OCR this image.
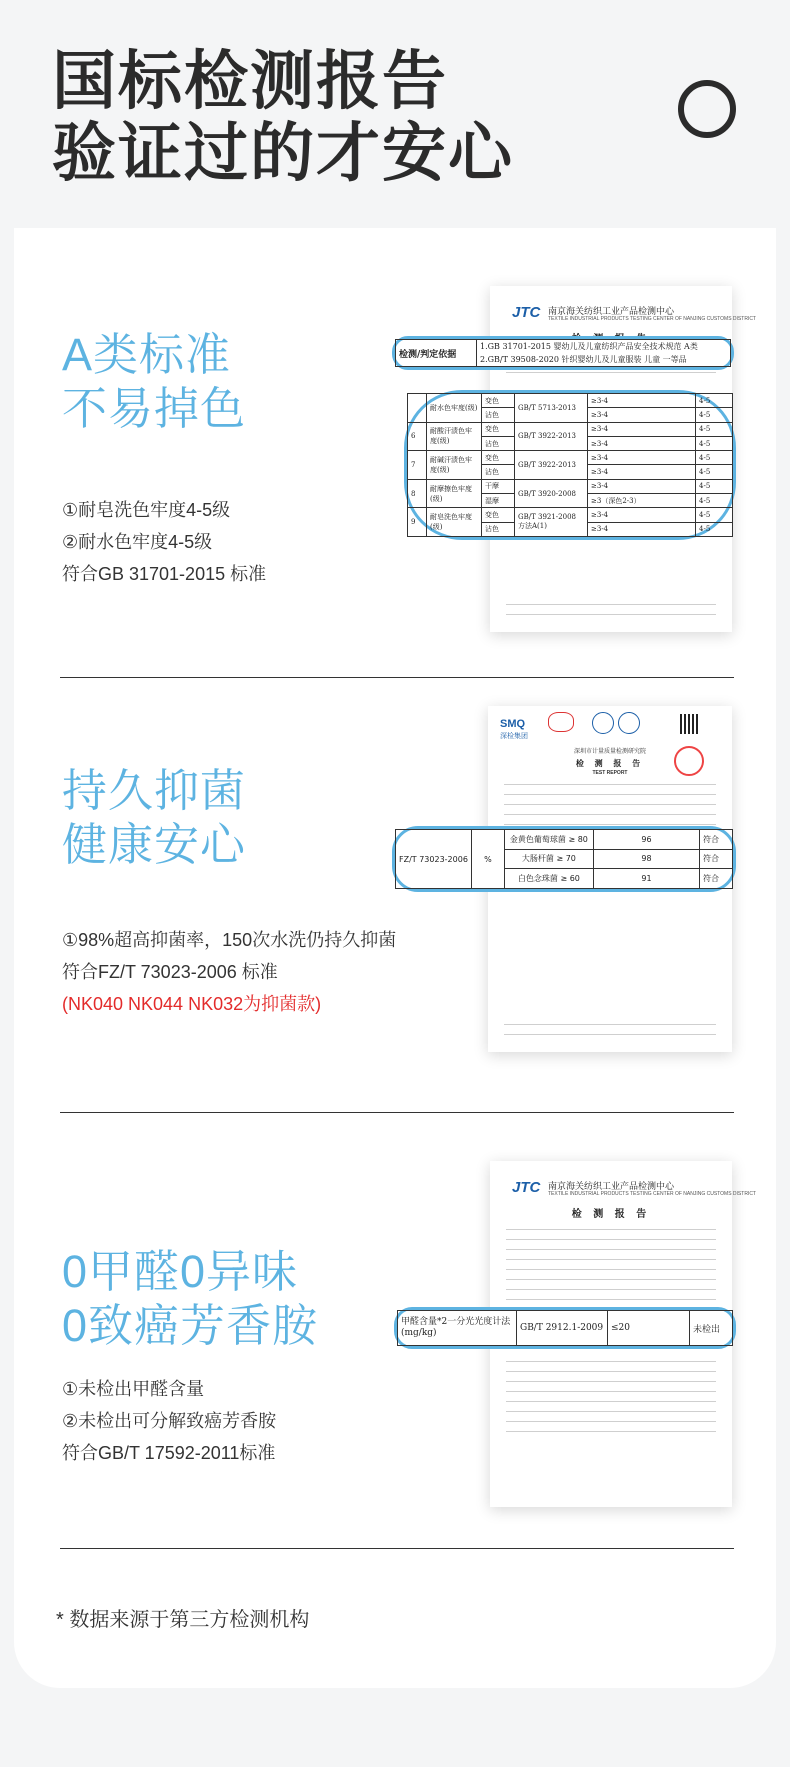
国标检测报告
验证过的才安心
A类标准
不易掉色
①耐皂洗色牢度4-5级
②耐水色牢度4-5级
符合GB 31701-2015 标准
JTC 南京海关纺织工业产品检测中心
TEXTILE INDUSTRIAL PRODUCTS TESTING CENTER OF NANJING CUSTOMS DISTRICT
检测/判定依据	1.GB 31701-2015 婴幼儿及儿童纺织产品安全技术规范 A类
2.GB/T 39508-2020 针织婴幼儿及儿童服装 儿童 一等品
	耐水色牢度(级)	变色	GB/T 5713-2013	≥3-4	4-5
		沾色		≥3-4	4-5
6	耐酸汗渍色牢度(级)	变色	GB/T 3922-2013	≥3-4	4-5
		沾色		≥3-4	4-5
7	耐碱汗渍色牢度(级)	变色	GB/T 3922-2013	≥3-4	4-5
		沾色		≥3-4	4-5
8	耐摩擦色牢度(级)	干摩	GB/T 3920-2008	≥3-4	4-5
		湿摩		≥3（深色2-3）	4-5
9	耐皂洗色牢度(级)	变色	GB/T 3921-2008 方法A(1)	≥3-4	4-5
		沾色		≥3-4	4-5
持久抑菌
健康安心
①98%超高抑菌率，150次水洗仍持久抑菌
符合FZ/T 73023-2006 标准
(NK040 NK044 NK032为抑菌款)
SMQ
深检集团
深圳市计量质量检测研究院
检 测 报 告
TEST REPORT
FZ/T 73023-2006	%	金黄色葡萄球菌 ≥ 80	96	符合
		大肠杆菌 ≥ 70	98	符合
		白色念珠菌 ≥ 60	91	符合
0甲醛0异味
0致癌芳香胺
①未检出甲醛含量
②未检出可分解致癌芳香胺
符合GB/T 17592-2011标准
JTC 南京海关纺织工业产品检测中心
TEXTILE INDUSTRIAL PRODUCTS TESTING CENTER OF NANJING CUSTOMS DISTRICT
检 测 报 告
甲醛含量*2一分光光度计法 (mg/kg)	GB/T 2912.1-2009	≤20	未检出
* 数据来源于第三方检测机构
